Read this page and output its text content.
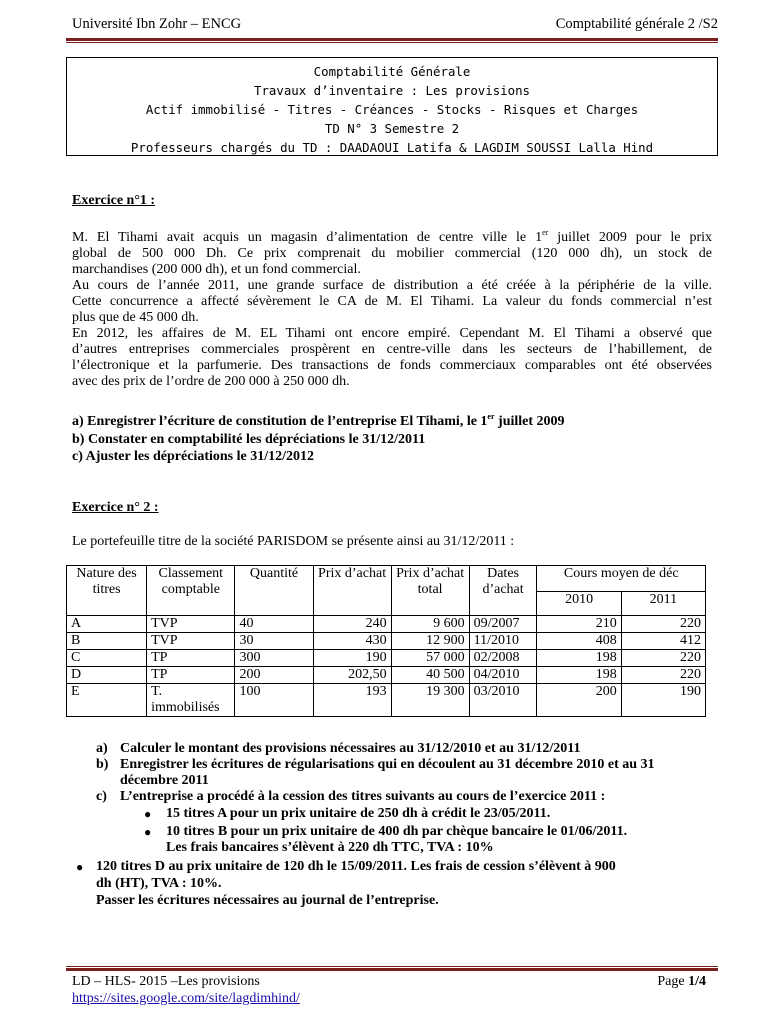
Université Ibn Zohr – ENCG	Comptabilité générale 2 /S2
Comptabilité Générale
Travaux d’inventaire : Les provisions
Actif immobilisé - Titres - Créances - Stocks - Risques et Charges
TD N° 3 Semestre 2
Professeurs chargés du TD : DAADAOUI Latifa & LAGDIM SOUSSI Lalla Hind
Exercice n°1 :
M. El Tihami avait acquis un magasin d’alimentation de centre ville le 1er juillet 2009 pour le prix
global de 500 000 Dh. Ce prix comprenait du mobilier commercial (120 000 dh), un stock de
marchandises (200 000 dh), et un fond commercial.
Au cours de l’année 2011, une grande surface de distribution a été créée à la périphérie de la ville.
Cette concurrence a affecté sévèrement le CA de M. El Tihami. La valeur du fonds commercial n’est
plus que de 45 000 dh.
En 2012, les affaires de M. EL Tihami ont encore empiré. Cependant M. El Tihami a observé que
d’autres entreprises commerciales prospèrent en centre-ville dans les secteurs de l’habillement, de
l’électronique et la parfumerie. Des transactions de fonds commerciaux comparables ont été observées
avec des prix de l’ordre de 200 000 à 250 000 dh.
a) Enregistrer l’écriture de constitution de l’entreprise El Tihami, le 1er juillet 2009
b) Constater en comptabilité les dépréciations le 31/12/2011
c) Ajuster les dépréciations le 31/12/2012
Exercice n° 2 :
Le portefeuille titre de la société PARISDOM se présente ainsi au 31/12/2011 :
Nature des titres	Classement comptable	Quantité	Prix d’achat	Prix d’achat total	Dates d’achat	Cours moyen de déc	
						2010	2011
A	TVP	40	240	9 600	09/2007	210	220
B	TVP	30	430	12 900	11/2010	408	412
C	TP	300	190	57 000	02/2008	198	220
D	TP	200	202,50	40 500	04/2010	198	220
E	T. immobilisés	100	193	19 300	03/2010	200	190
a) Calculer le montant des provisions nécessaires au 31/12/2010 et au 31/12/2011
b) Enregistrer les écritures de régularisations qui en découlent au 31 décembre 2010 et au 31
décembre 2011
c) L’entreprise a procédé à la cession des titres suivants au cours de l’exercice 2011 :
● 15 titres A pour un prix unitaire de 250 dh à crédit le 23/05/2011.
● 10 titres B pour un prix unitaire de 400 dh par chèque bancaire le 01/06/2011.
Les frais bancaires s’élèvent à 220 dh TTC, TVA : 10%
● 120 titres D au prix unitaire de 120 dh le 15/09/2011. Les frais de cession s’élèvent à 900
dh (HT), TVA : 10%.
Passer les écritures nécessaires au journal de l’entreprise.
LD – HLS- 2015 –Les provisions	Page 1/4
https://sites.google.com/site/lagdimhind/
